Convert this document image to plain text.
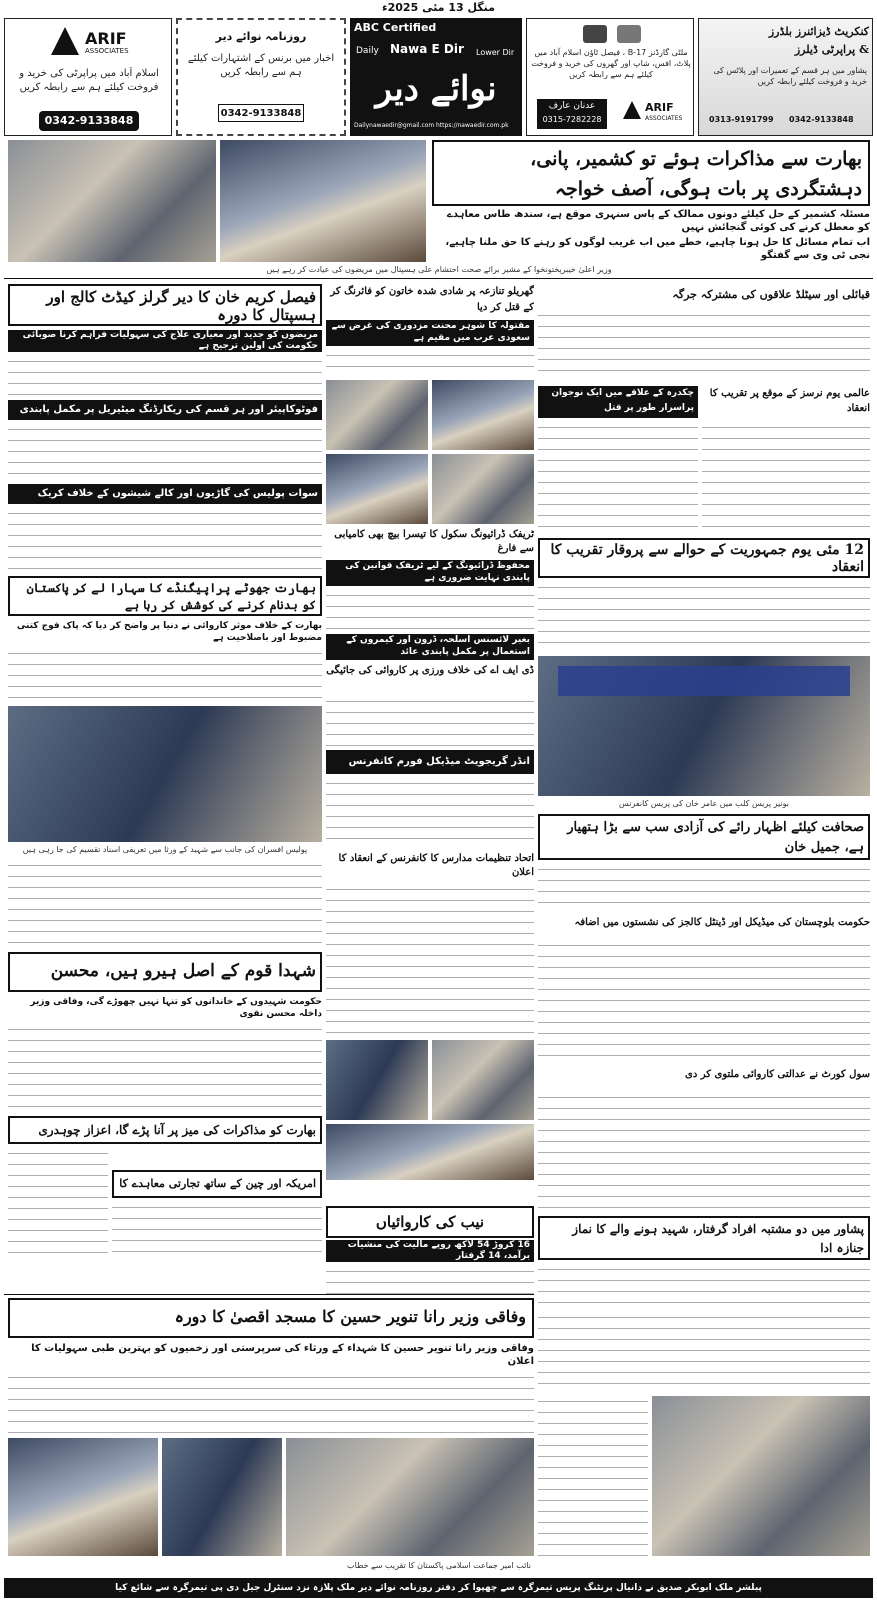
منگل 13 مئی 2025ء
ARIF
ASSOCIATES
اسلام آباد میں پراپرٹی کی خرید و فروخت کیلئے ہم سے رابطہ کریں
0342-9133848
روزنامہ نوائے دیر
اخبار میں برنس کے اشتہارات کیلئے ہم سے رابطہ کریں
0342-9133848
ABC Certified
Daily Nawa E Dir	Lower Dir
نوائے دیر
Dailynawaedir@gmail.com https://nawaedir.com.pk
ملٹی گارڈنز B-17 ، فیصل ٹاؤن اسلام آباد میں پلاٹ، افس، شاپ اور گھروں کی خرید و فروخت کیلئے ہم سے رابطہ کریں
عدنان عارف
0315-7282228
ARIF
ASSOCIATES
کنکریٹ ڈیزائنرز بلڈرز
& پراپرٹی ڈیلرز
پشاور میں ہر قسم کے تعمیرات اور پلاٹس کی خرید و فروخت کیلئے رابطہ کریں
0313-9191799	0342-9133848
بھارت سے مذاکرات ہوئے تو کشمیر، پانی، دہشتگردی پر بات ہوگی، آصف خواجہ
مسئلہ کشمیر کے حل کیلئے دونوں ممالک کے پاس سنہری موقع ہے، سندھ طاس معاہدے کو معطل کرنے کی کوئی گنجائش نہیں
اب تمام مسائل کا حل ہونا چاہیے، خطے میں اب غریب لوگوں کو رہنے کا حق ملنا چاہیے، نجی ٹی وی سے گفتگو
وزیر اعلیٰ خیبرپختونخوا کے مشیر برائے صحت احتشام علی ہسپتال میں مریضوں کی عیادت کر رہے ہیں
فیصل کریم خان کا دیر گرلز کیڈٹ کالج اور ہسپتال کا دورہ
مریضوں کو جدید اور معیاری علاج کی سہولیات فراہم کرنا صوبائی حکومت کی اولین ترجیح ہے
فوٹوکاپیئر اور ہر قسم کی ریکارڈنگ میٹیریل پر مکمل پابندی
سوات پولیس کی گاڑیوں اور کالے شیشوں کے خلاف کریک
بھارت جھوٹے پراپیگنڈے کا سہارا لے کر پاکستان کو بدنام کرنے کی کوشش کر رہا ہے
بھارت کے خلاف موثر کاروائی نے دنیا پر واضح کر دیا کہ پاک فوج کتنی مضبوط اور باصلاحیت ہے
پولیس افسران کی جانب سے شہید کے ورثا میں تعریفی اسناد تقسیم کی جا رہی ہیں
شہدا قوم کے اصل ہیرو ہیں، محسن
حکومت شہیدوں کے خاندانوں کو تنہا نہیں چھوڑے گی، وفاقی وزیر داخلہ محسن نقوی
بھارت کو مذاکرات کی میز پر آنا پڑے گا، اعزاز چوہدری
امریکہ اور چین کے ساتھ تجارتی معاہدے کا
گھریلو تنازعہ پر شادی شدہ خاتون کو فائرنگ کر کے قتل کر دیا
مقتولہ کا شوہر محنت مزدوری کی غرض سے سعودی عرب میں مقیم ہے
ٹریفک ڈرائیونگ سکول کا تیسرا بیچ بھی کامیابی سے فارغ
محفوظ ڈرائیونگ کے لیے ٹریفک قوانین کی پابندی نہایت ضروری ہے
بغیر لائسنس اسلحہ، ڈرون اور کیمروں کے استعمال پر مکمل پابندی عائد
ڈی ایف اے کی خلاف ورزی پر کاروائی کی جائیگی
انڈر گریجویٹ میڈیکل فورم کانفرنس
اتحاد تنظیمات مدارس کا کانفرنس کے انعقاد کا اعلان
نیب کی کاروائیاں
16 کروڑ 54 لاکھ روپے مالیت کی منشیات برآمد، 14 گرفتار
قبائلی اور سیٹلڈ علاقوں کی مشترکہ جرگہ
چکدرہ کے علاقے میں ایک نوجوان پراسرار طور پر قتل
عالمی یوم نرسز کے موقع پر تقریب کا انعقاد
12 مئی یوم جمہوریت کے حوالے سے پروقار تقریب کا انعقاد
بونیر پریس کلب میں عامر خان کی پریس کانفرنس
صحافت کیلئے اظہار رائے کی آزادی سب سے بڑا ہتھیار ہے، جمیل خان
حکومت بلوچستان کی میڈیکل اور ڈینٹل کالجز کی نشستوں میں اضافہ
سول کورٹ نے عدالتی کاروائی ملتوی کر دی
پشاور میں دو مشتبہ افراد گرفتار، شہید ہونے والے کا نماز جنازہ ادا
وفاقی وزیر رانا تنویر حسین کا مسجد اقصیٰ کا دورہ
وفاقی وزیر رانا تنویر حسین کا شہداء کے ورثاء کی سرپرستی اور زخمیوں کو بہترین طبی سہولیات کا اعلان
نائب امیر جماعت اسلامی پاکستان کا تقریب سے خطاب
پبلشر ملک ابوبکر صدیق نے دانیال پرنٹنگ پریس تیمرگرہ سے چھپوا کر دفتر روزنامہ نوائے دیر ملک پلازہ نزد سنٹرل جیل دی پی تیمرگرہ سے شائع کیا
